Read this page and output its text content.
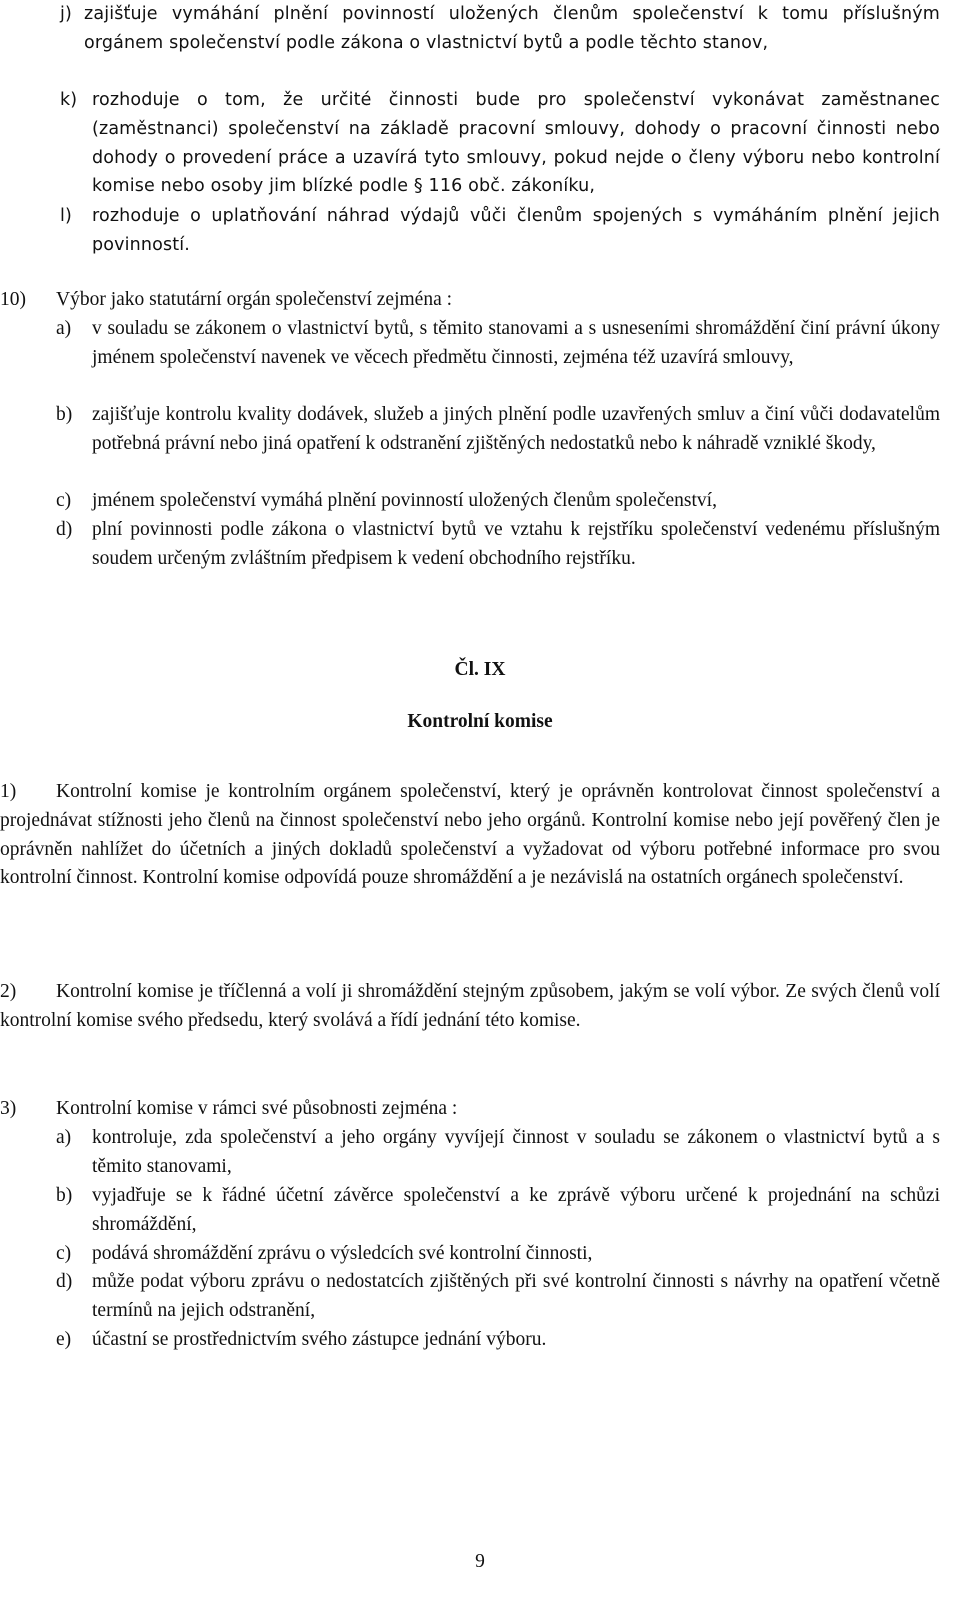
j) zajišťuje vymáhání plnění povinností uložených členům společenství k tomu příslušným orgánem společenství podle zákona o vlastnictví bytů a podle těchto stanov,
k) rozhoduje o tom, že určité činnosti bude pro společenství vykonávat zaměstnanec (zaměstnanci) společenství na základě pracovní smlouvy, dohody o pracovní činnosti nebo dohody o provedení práce a uzavírá tyto smlouvy, pokud nejde o členy výboru nebo kontrolní komise nebo osoby jim blízké podle § 116 obč. zákoníku,
l)	rozhoduje o uplatňování náhrad výdajů vůči členům spojených s vymáháním plnění jejich povinností.
10)	Výbor jako statutární orgán společenství zejména :
a)	v souladu se zákonem o vlastnictví bytů, s těmito stanovami a s usneseními shromáždění činí právní úkony jménem společenství navenek ve věcech předmětu činnosti, zejména též uzavírá smlouvy,
b)	zajišťuje kontrolu kvality dodávek, služeb a jiných plnění podle uzavřených smluv a činí vůči dodavatelům potřebná právní nebo jiná opatření k odstranění zjištěných nedostatků nebo k náhradě vzniklé škody,
c)	jménem společenství vymáhá plnění povinností uložených členům společenství,
d)	plní povinnosti podle zákona o vlastnictví bytů ve vztahu k rejstříku společenství vedenému příslušným soudem určeným zvláštním předpisem k vedení obchodního rejstříku.
Čl. IX
Kontrolní komise
1)	Kontrolní komise je kontrolním orgánem společenství, který je oprávněn kontrolovat činnost společenství a projednávat stížnosti jeho členů na činnost společenství nebo jeho orgánů. Kontrolní komise nebo její pověřený člen je oprávněn nahlížet do účetních a jiných dokladů společenství a vyžadovat od výboru potřebné informace pro svou kontrolní činnost. Kontrolní komise odpovídá pouze shromáždění a je nezávislá na ostatních orgánech společenství.
2)	Kontrolní komise je tříčlenná a volí ji shromáždění stejným způsobem, jakým se volí výbor. Ze svých členů volí kontrolní komise svého předsedu, který svolává a řídí jednání této komise.
3)	Kontrolní komise v rámci své působnosti zejména :
a)	kontroluje, zda společenství a jeho orgány vyvíjejí činnost v souladu se zákonem o vlastnictví bytů a s těmito stanovami,
b)	vyjadřuje se k řádné účetní závěrce společenství a ke zprávě výboru určené k projednání na schůzi shromáždění,
c)	podává shromáždění zprávu o výsledcích své kontrolní činnosti,
d)	může podat výboru zprávu o nedostatcích zjištěných při své kontrolní činnosti s návrhy na opatření včetně termínů na jejich odstranění,
e)	účastní se prostřednictvím svého zástupce jednání výboru.
9
